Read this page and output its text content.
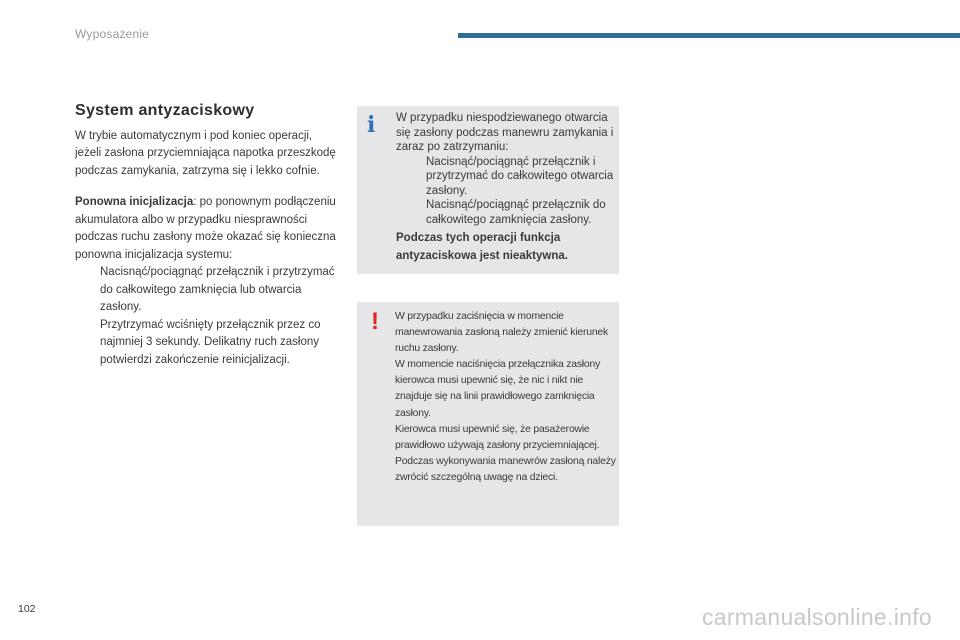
Wyposażenie
System antyzaciskowy

W trybie automatycznym i pod koniec operacji, jeżeli zasłona przyciemniająca napotka przeszkodę podczas zamykania, zatrzyma się i lekko cofnie.

Ponowna inicjalizacja: po ponownym podłączeniu akumulatora albo w przypadku niesprawności podczas ruchu zasłony może okazać się konieczna ponowna inicjalizacja systemu:

Nacisnąć/pociągnąć przełącznik i przytrzymać do całkowitego zamknięcia lub otwarcia zasłony.
Przytrzymać wciśnięty przełącznik przez co najmniej 3 sekundy. Delikatny ruch zasłony potwierdzi zakończenie reinicjalizacji.
i W przypadku niespodziewanego otwarcia się zasłony podczas manewru zamykania i zaraz po zatrzymaniu:
Nacisnąć/pociągnąć przełącznik i przytrzymać do całkowitego otwarcia zasłony.
Nacisnąć/pociągnąć przełącznik do całkowitego zamknięcia zasłony.
Podczas tych operacji funkcja antyzaciskowa jest nieaktywna.
! W przypadku zaciśnięcia w momencie manewrowania zasłoną należy zmienić kierunek ruchu zasłony.
W momencie naciśnięcia przełącznika zasłony kierowca musi upewnić się, że nic i nikt nie znajduje się na linii prawidłowego zamknięcia zasłony.
Kierowca musi upewnić się, że pasażerowie prawidłowo używają zasłony przyciemniającej.
Podczas wykonywania manewrów zasłoną należy zwrócić szczególną uwagę na dzieci.
102	carmanualsonline.info
